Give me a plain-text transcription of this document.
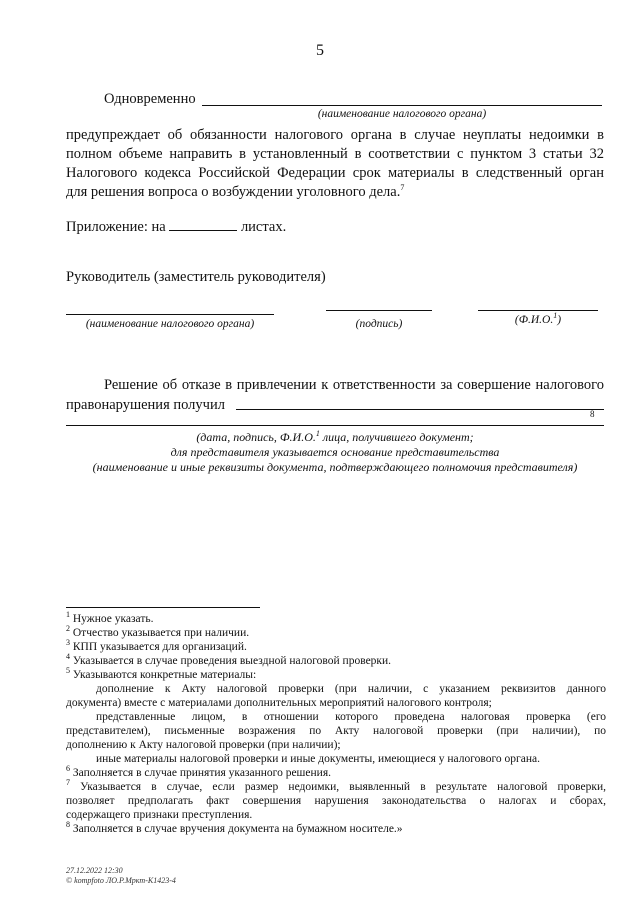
5
Одновременно
(наименование налогового органа)
предупреждает об обязанности налогового органа в случае неуплаты недоимки в
полном объеме направить в установленный в соответствии с пунктом 3 статьи 32
Налогового кодекса Российской Федерации срок материалы в следственный орган
для решения вопроса о возбуждении уголовного дела.$^7$
Приложение: на	листах.
Руководитель (заместитель руководителя)
(наименование налогового органа)	(подпись)	(Ф.И.О.$^1$)
Решение об отказе в привлечении к ответственности за совершение налогового
правонарушения получил
8
(дата, подпись, Ф.И.О.$^1$ лица, получившего документ;
для представителя указывается основание представительства
(наименование и иные реквизиты документа, подтверждающего полномочия представителя)
$^1$ Нужное указать.
$^2$ Отчество указывается при наличии.
$^3$ КПП указывается для организаций.
$^4$ Указывается в случае проведения выездной налоговой проверки.
$^5$ Указываются конкретные материалы:
дополнение к Акту налоговой проверки (при наличии, с указанием реквизитов данного
документа) вместе с материалами дополнительных мероприятий налогового контроля;
представленные лицом, в отношении которого проведена налоговая проверка (его
представителем), письменные возражения по Акту налоговой проверки (при наличии), по
дополнению к Акту налоговой проверки (при наличии);
иные материалы налоговой проверки и иные документы, имеющиеся у налогового органа.
$^6$ Заполняется в случае принятия указанного решения.
$^7$ Указывается в случае, если размер недоимки, выявленный в результате налоговой проверки,
позволяет предполагать факт совершения нарушения законодательства о налогах и сборах,
содержащего признаки преступления.
$^8$ Заполняется в случае вручения документа на бумажном носителе.»
27.12.2022 12:30
© kompfoto ЛО.Р.Мркт-К1423-4
